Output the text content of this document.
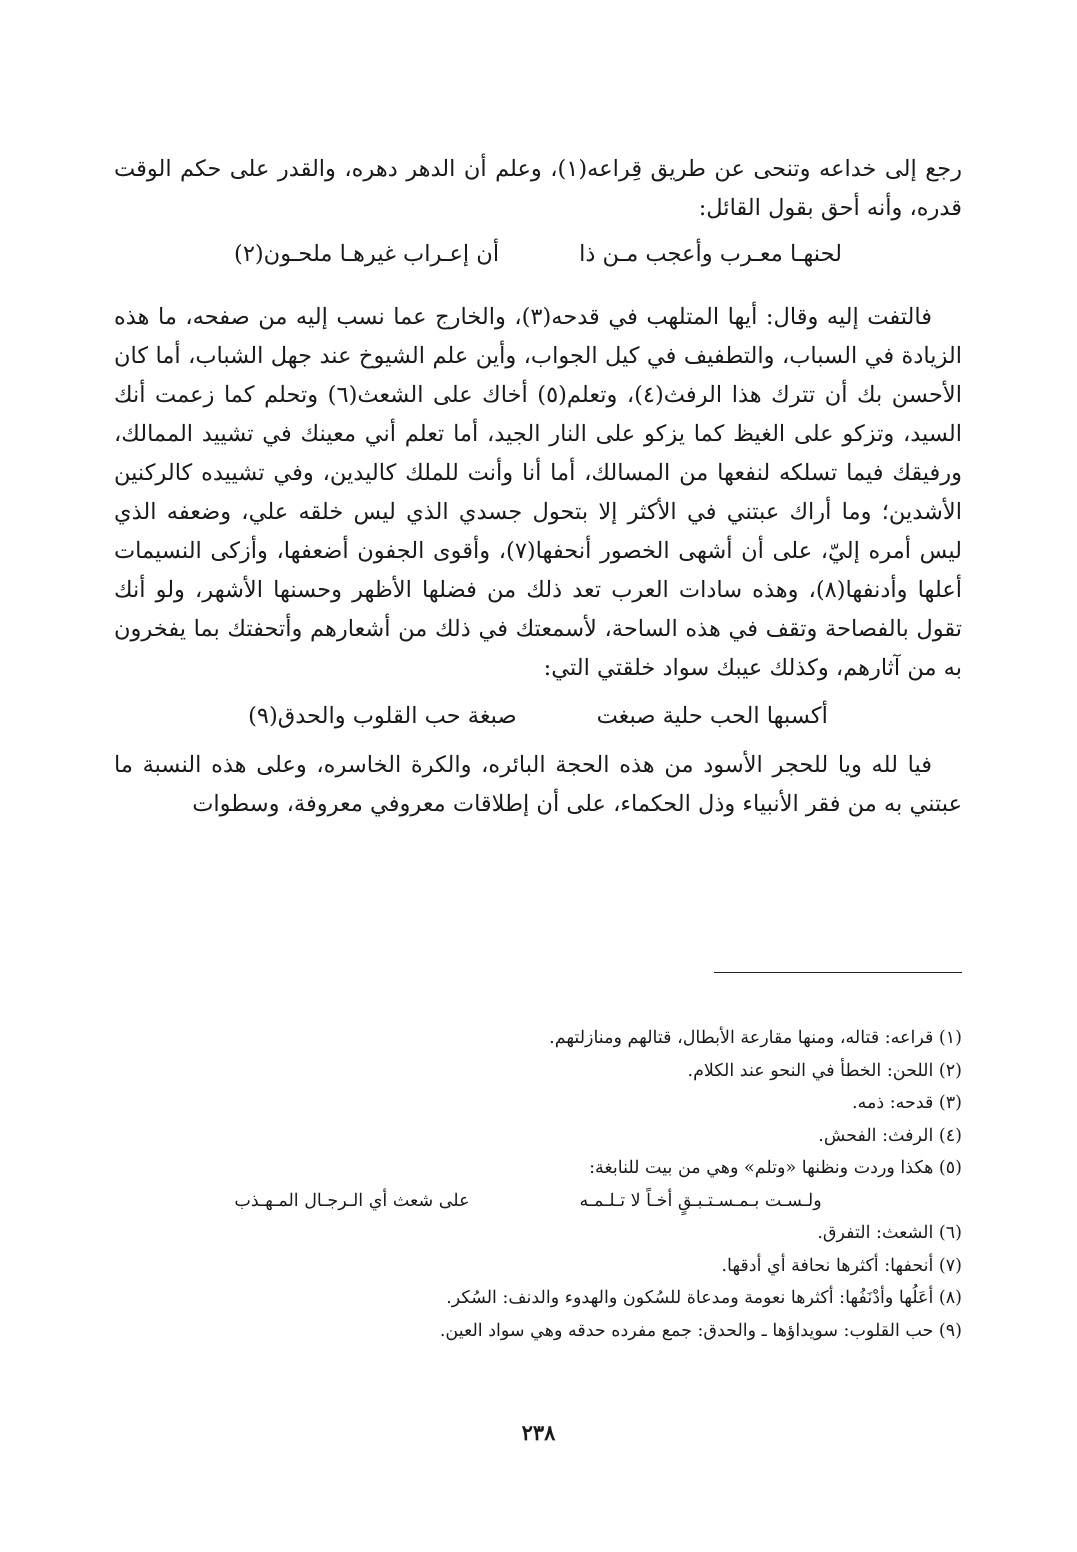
رجع إلى خداعه وتنحى عن طريق قِراعه(١)، وعلم أن الدهر دهره، والقدر على حكم الوقت قدره، وأنه أحق بقول القائل:

لحنهـا معـرب وأعجب مـن ذا
أن إعـراب غيرهـا ملحـون(٢)

فالتفت إليه وقال: أيها المتلهب في قدحه(٣)، والخارج عما نسب إليه من صفحه، ما هذه الزيادة في السباب، والتطفيف في كيل الجواب، وأين علم الشيوخ عند جهل الشباب، أما كان الأحسن بك أن تترك هذا الرفث(٤)، وتعلم(٥) أخاك على الشعث(٦) وتحلم كما زعمت أنك السيد، وتزكو على الغيظ كما يزكو على النار الجيد، أما تعلم أني معينك في تشييد الممالك، ورفيقك فيما تسلكه لنفعها من المسالك، أما أنا وأنت للملك كاليدين، وفي تشييده كالركنين الأشدين؛ وما أراك عبتني في الأكثر إلا بتحول جسدي الذي ليس خلقه علي، وضعفه الذي ليس أمره إليّ، على أن أشهى الخصور أنحفها(٧)، وأقوى الجفون أضعفها، وأزكى النسيمات أعلها وأدنفها(٨)، وهذه سادات العرب تعد ذلك من فضلها الأظهر وحسنها الأشهر، ولو أنك تقول بالفصاحة وتقف في هذه الساحة، لأسمعتك في ذلك من أشعارهم وأتحفتك بما يفخرون به من آثارهم، وكذلك عيبك سواد خلقتي التي:

أكسبها الحب حلية صبغت
صبغة حب القلوب والحدق(٩)

فيا لله ويا للحجر الأسود من هذه الحجة البائره، والكرة الخاسره، وعلى هذه النسبة ما عبتني به من فقر الأنبياء وذل الحكماء، على أن إطلاقات معروفي معروفة، وسطوات

(١) قراعه: قتاله، ومنها مقارعة الأبطال، قتالهم ومنازلتهم.

(٢) اللحن: الخطأ في النحو عند الكلام.

(٣) قدحه: ذمه.

(٤) الرفث: الفحش.

(٥) هكذا وردت ونظنها «وتلم» وهي من بيت للنابغة:

ولـسـت بـمـسـتـبـقٍ أخـاً لا تـلـمـه
على شعث أي الـرجـال المـهـذب

(٦) الشعث: التفرق.

(٧) أنحفها: أكثرها نحافة أي أدقها.

(٨) أعَلُها وأدْنَفُها: أكثرها نعومة ومدعاة للسُكون والهدوء والدنف: السُكر.

(٩) حب القلوب: سويداؤها ـ والحدق: جمع مفرده حدقه وهي سواد العين.

٢٣٨
